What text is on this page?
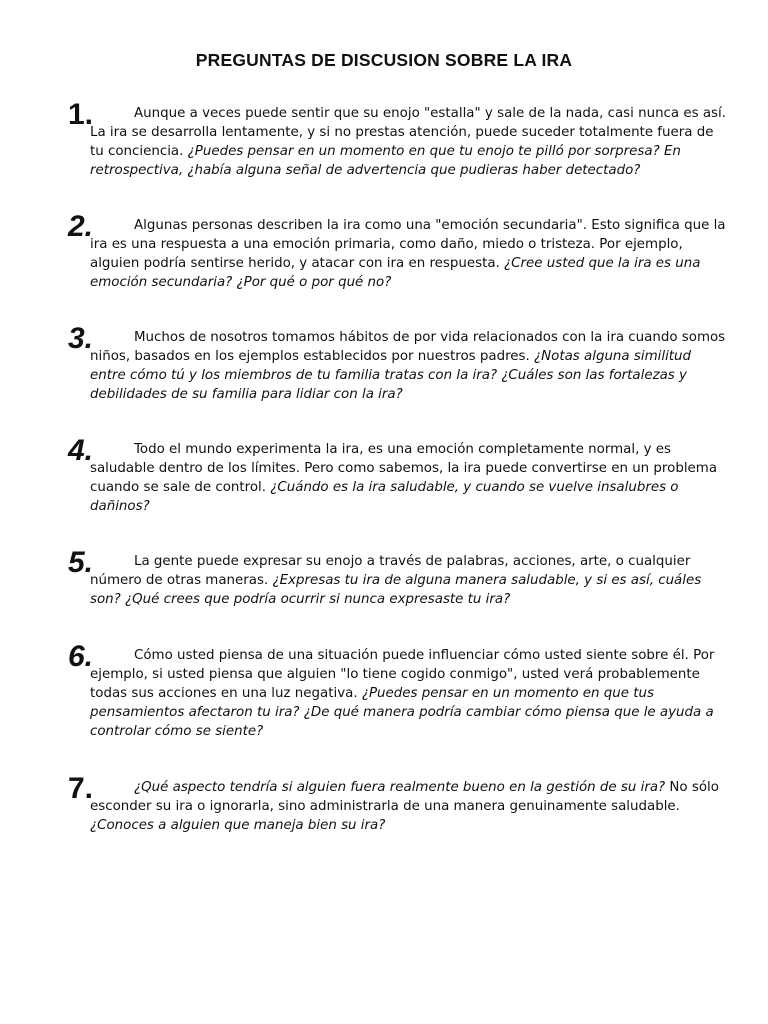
PREGUNTAS DE DISCUSION SOBRE LA IRA
1.	Aunque a veces puede sentir que su enojo "estalla" y sale de la nada, casi nunca es así. La ira se desarrolla lentamente, y si no prestas atención, puede suceder totalmente fuera de tu conciencia. ¿Puedes pensar en un momento en que tu enojo te pilló por sorpresa? En retrospectiva, ¿había alguna señal de advertencia que pudieras haber detectado?
2.	Algunas personas describen la ira como una "emoción secundaria". Esto significa que la ira es una respuesta a una emoción primaria, como daño, miedo o tristeza. Por ejemplo, alguien podría sentirse herido, y atacar con ira en respuesta. ¿Cree usted que la ira es una emoción secundaria? ¿Por qué o por qué no?
3.	Muchos de nosotros tomamos hábitos de por vida relacionados con la ira cuando somos niños, basados en los ejemplos establecidos por nuestros padres. ¿Notas alguna similitud entre cómo tú y los miembros de tu familia tratas con la ira? ¿Cuáles son las fortalezas y debilidades de su familia para lidiar con la ira?
4.	Todo el mundo experimenta la ira, es una emoción completamente normal, y es saludable dentro de los límites. Pero como sabemos, la ira puede convertirse en un problema cuando se sale de control. ¿Cuándo es la ira saludable, y cuando se vuelve insalubres o dañinos?
5.	La gente puede expresar su enojo a través de palabras, acciones, arte, o cualquier número de otras maneras. ¿Expresas tu ira de alguna manera saludable, y si es así, cuáles son? ¿Qué crees que podría ocurrir si nunca expresaste tu ira?
6.	Cómo usted piensa de una situación puede influenciar cómo usted siente sobre él. Por ejemplo, si usted piensa que alguien "lo tiene cogido conmigo", usted verá probablemente todas sus acciones en una luz negativa. ¿Puedes pensar en un momento en que tus pensamientos afectaron tu ira? ¿De qué manera podría cambiar cómo piensa que le ayuda a controlar cómo se siente?
7.	¿Qué aspecto tendría si alguien fuera realmente bueno en la gestión de su ira? No sólo esconder su ira o ignorarla, sino administrarla de una manera genuinamente saludable. ¿Conoces a alguien que maneja bien su ira?
